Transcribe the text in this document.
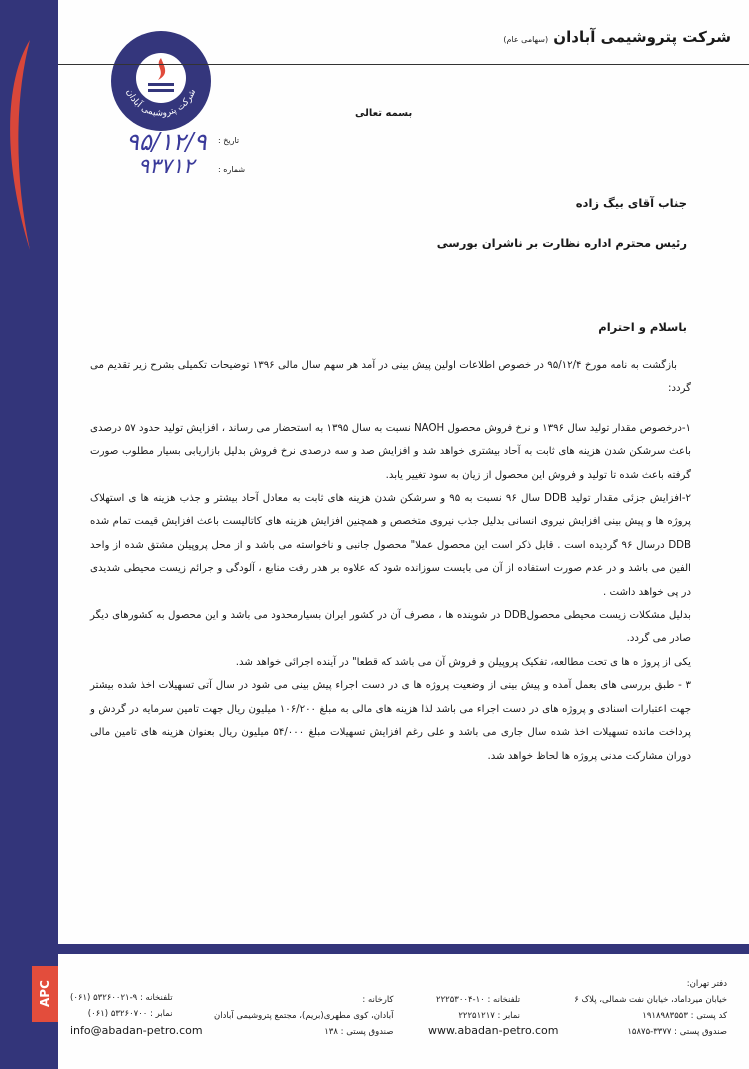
شرکت پتروشیمی آبادان
شرکت پتروشیمی آبادان (سهامی عام)
بسمه تعالی
تاریخ :
شماره :
۹۵/۱۲/۹
۹۳۷۱۲
جناب آقای بیگ زاده
رئیس محترم اداره نظارت بر ناشران بورسی
باسلام و احترام

بازگشت به نامه مورخ ۹۵/۱۲/۴ در خصوص اطلاعات اولین پیش بینی در آمد هر سهم سال مالی ۱۳۹۶ توضیحات تکمیلی بشرح زیر تقدیم می گردد:

۱-درخصوص مقدار تولید سال ۱۳۹۶ و نرخ فروش محصول NAOH نسبت به سال ۱۳۹۵ به استحضار می رساند ، افزایش تولید حدود ۵۷ درصدی باعث سرشکن شدن هزینه های ثابت به آحاد بیشتری خواهد شد و افزایش صد و سه درصدی نرخ فروش بدلیل بازاریابی بسیار مطلوب صورت گرفته باعث شده تا تولید و فروش این محصول از زیان به سود تغییر یابد.

۲-افزایش جزئی مقدار تولید DDB سال ۹۶ نسبت به ۹۵ و سرشکن شدن هزینه های ثابت به معادل آحاد بیشتر و جذب هزینه ها ی استهلاک پروژه ها و پیش بینی افزایش نیروی انسانی بدلیل جذب نیروی متخصص و همچنین افزایش هزینه های کاتالیست باعث افزایش قیمت تمام شده DDB درسال ۹۶ گردیده است . قابل ذکر است این محصول عملا" محصول جانبی و ناخواسته می باشد و از محل پروپیلن مشتق شده از واحد الفین می باشد و در عدم صورت استفاده از آن می بایست سوزانده شود که علاوه بر هدر رفت منابع ، آلودگی و جرائم زیست محیطی شدیدی در پی خواهد داشت .

بدلیل مشکلات زیست محیطی محصولDDB در شوینده ها ، مصرف آن در کشور ایران بسیارمحدود می باشد و این محصول به کشورهای دیگر صادر می گردد.

یکی از پروژ ه ها ی تحت مطالعه، تفکیک پروپیلن و فروش آن می باشد که قطعا" در آینده اجرائی خواهد شد.

۳ - طبق بررسی های بعمل آمده و پیش بینی از وضعیت پروژه ها ی در دست اجراء پیش بینی می شود در سال آتی تسهیلات اخذ شده بیشتر جهت اعتبارات اسنادی و پروژه های در دست اجراء می باشد لذا هزینه های مالی به مبلغ ۱۰۶/۲۰۰ میلیون ریال جهت تامین سرمایه در گردش و پرداخت مانده تسهیلات اخذ شده سال جاری می باشد و علی رغم افزایش تسهیلات مبلغ ۵۴/۰۰۰ میلیون ریال بعنوان هزینه های تامین مالی دوران مشارکت مدنی پروژه ها لحاظ خواهد شد.

APC	دفتر تهران:
خیابان میرداماد، خیابان نفت شمالی، پلاک ۶
کد پستی : ۱۹۱۸۹۸۳۵۵۳
صندوق پستی : ۳۳۷۷-۱۵۸۷۵
تلفنخانه : ۱۰-۲۲۲۵۳۰۰۴
نمابر : ۲۲۲۵۱۲۱۷
www.abadan-petro.com
کارخانه :
آبادان، کوی مطهری(بریم)، مجتمع پتروشیمی آبادان
صندوق پستی : ۱۳۸
تلفنخانه : ۹-۵۳۲۶۰۰۲۱ (۰۶۱)
نمابر : ۵۳۲۶۰۷۰۰ (۰۶۱)
info@abadan-petro.com
